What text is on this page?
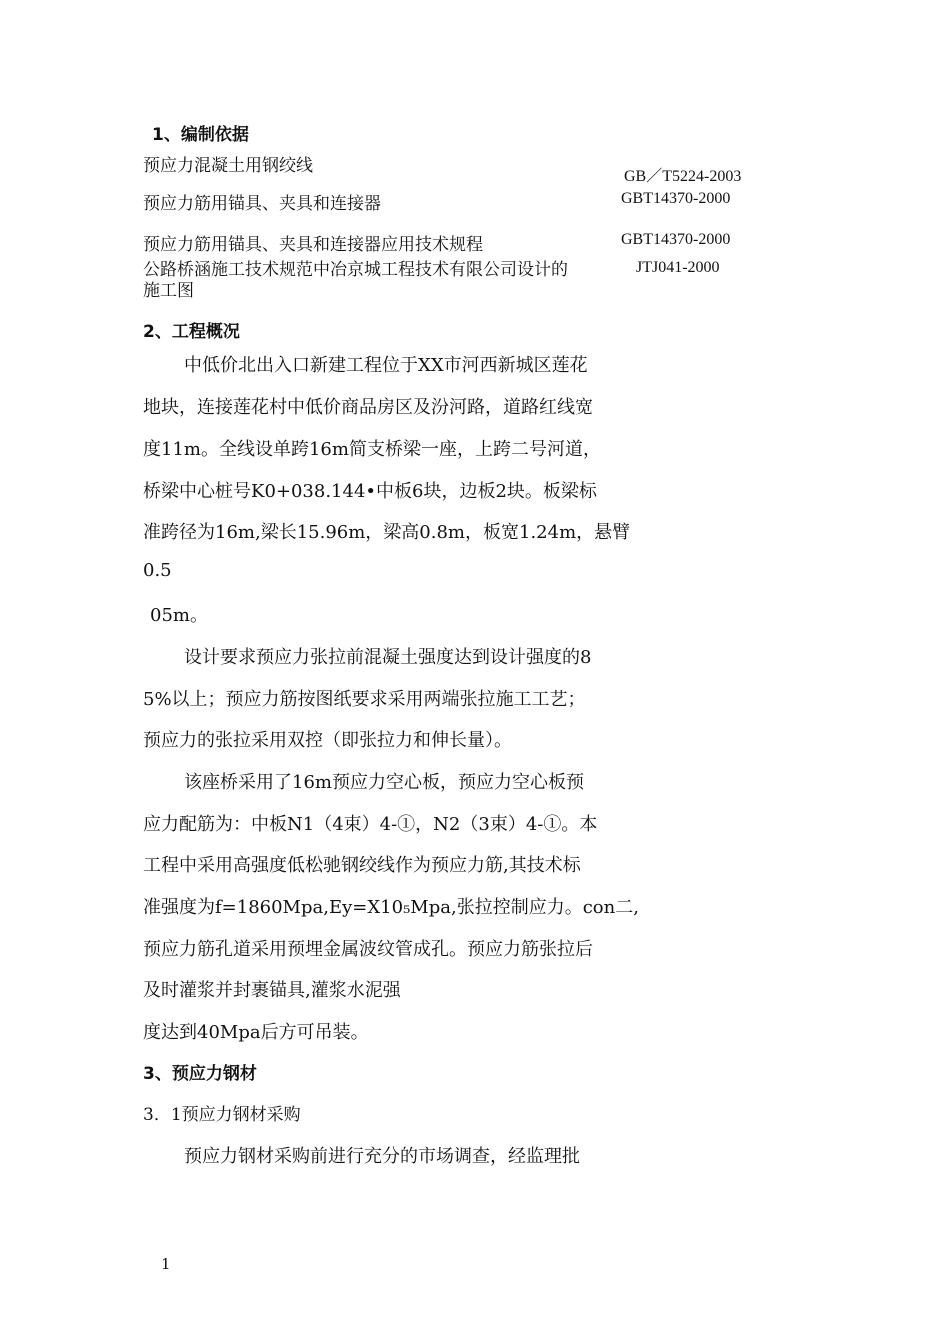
1、编制依据
预应力混凝土用钢绞线
GB／T5224-2003
预应力筋用锚具、夹具和连接器	GBT14370-2000
预应力筋用锚具、夹具和连接器应用技术规程	GBT14370-2000
公路桥涵施工技术规范中冶京城工程技术有限公司设计的
施工图
JTJ041-2000
2、工程概况
中低价北出入口新建工程位于XX市河西新城区莲花
地块，连接莲花村中低价商品房区及汾河路，道路红线宽
度11m。全线设单跨16m简支桥梁一座，上跨二号河道，
桥梁中心桩号K0+038.144•中板6块，边板2块。板梁标
准跨径为16m,梁长15.96m，梁高0.8m，板宽1.24m，悬臂
0.5
05m。
设计要求预应力张拉前混凝土强度达到设计强度的8
5%以上；预应力筋按图纸要求采用两端张拉施工工艺；
预应力的张拉采用双控（即张拉力和伸长量）。
该座桥采用了16m预应力空心板，预应力空心板预
应力配筋为：中板N1（4束）4-①，N2（3束）4-①。本
工程中采用高强度低松驰钢绞线作为预应力筋,其技术标
准强度为f=1860Mpa,Ey=X10₅Mpa,张拉控制应力。con二,
预应力筋孔道采用预埋金属波纹管成孔。预应力筋张拉后
及时灌浆并封裹锚具,灌浆水泥强
度达到40Mpa后方可吊装。
3、预应力钢材
3．1预应力钢材采购
预应力钢材采购前进行充分的市场调查，经监理批
1
